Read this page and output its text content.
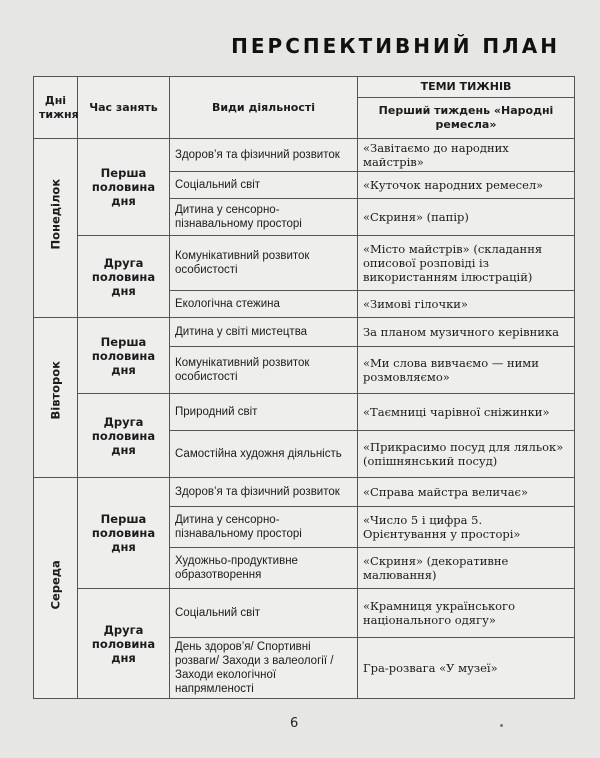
ПЕРСПЕКТИВНИЙ ПЛАН
Дні тижня	Час занять	Види діяльності	ТЕМИ ТИЖНІВ
			Перший тиждень «Народні ремесла»

Понеділок	Перша половина дня	Здоров’я та фізичний розвиток	«Завітаємо до народних майстрів»
		Соціальний світ	«Куточок народних ремесел»
		Дитина у сенсорно-пізнавальному просторі	«Скриня» (папір)
	Друга половина дня	Комунікативний розвиток особистості	«Місто майстрів» (складання описової розповіді із використанням ілюстрацій)
		Екологічна стежина	«Зимові гілочки»

Вівторок	Перша половина дня	Дитина у світі мистецтва	За планом музичного керівника
		Комунікативний розвиток особистості	«Ми слова вивчаємо — ними розмовляємо»
	Друга половина дня	Природний світ	«Таємниці чарівної сніжинки»
		Самостійна художня діяльність	«Прикрасимо посуд для ляльок» (опішнянський посуд)

Середа	Перша половина дня	Здоров’я та фізичний розвиток	«Справа майстра величає»
		Дитина у сенсорно-пізнавальному просторі	«Число 5 і цифра 5. Орієнтування у просторі»
		Художньо-продуктивне образотворення	«Скриня» (декоративне малювання)
	Друга половина дня	Соціальний світ	«Крамниця українського національного одягу»
		День здоров’я/ Спортивні розваги/ Заходи з валеології /Заходи екологічної напрямленості	Гра-розвага «У музеї»
6
